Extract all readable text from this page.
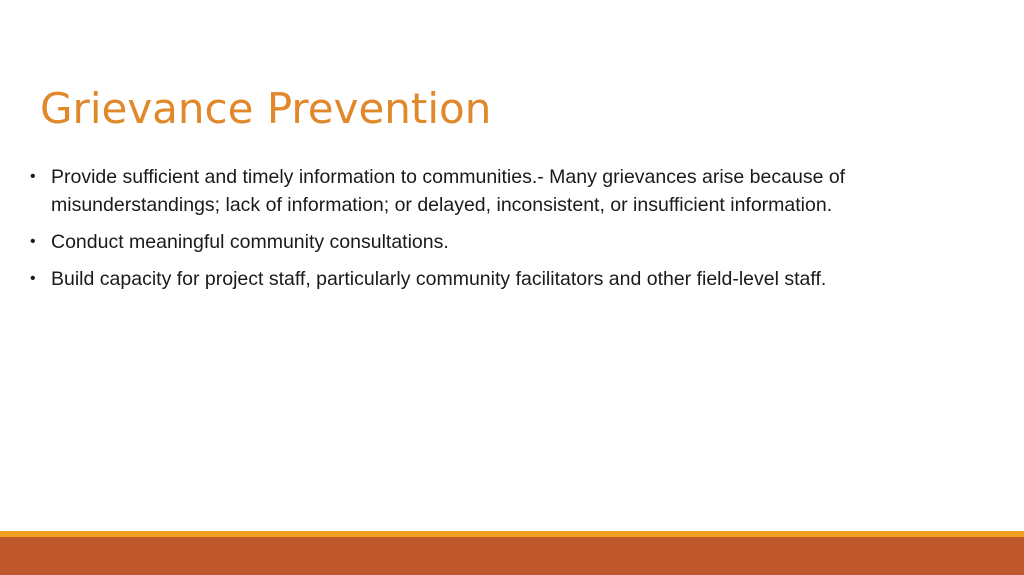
Grievance Prevention
• Provide sufficient and timely information to communities.- Many grievances arise because of misunderstandings; lack of information; or delayed, inconsistent, or insufficient information.
• Conduct meaningful community consultations.
• Build capacity for project staff, particularly community facilitators and other field-level staff.
